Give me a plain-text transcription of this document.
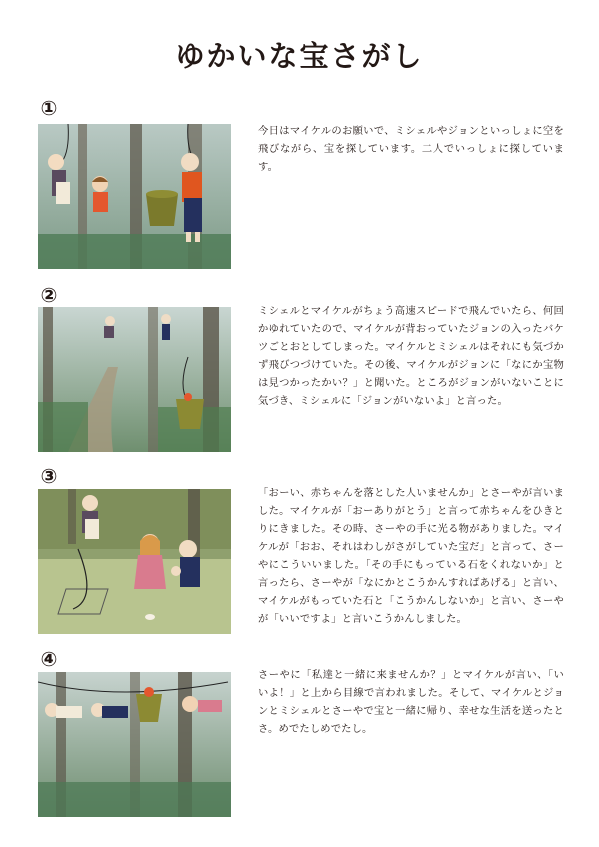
ゆかいな宝さがし
①
今日はマイケルのお願いで、ミシェルやジョンといっしょに空を飛びながら、宝を探しています。二人でいっしょに探しています。
②
ミシェルとマイケルがちょう高速スピードで飛んでいたら、何回かゆれていたので、マイケルが背おっていたジョンの入ったバケツごとおとしてしまった。マイケルとミシェルはそれにも気づかず飛びつづけていた。その後、マイケルがジョンに「なにか宝物は見つかったかい？」と聞いた。ところがジョンがいないことに気づき、ミシェルに「ジョンがいないよ」と言った。
③
「おーい、赤ちゃんを落とした人いませんか」とさーやが言いました。マイケルが「おーありがとう」と言って赤ちゃんをひきとりにきました。その時、さーやの手に光る物がありました。マイケルが「おお、それはわしがさがしていた宝だ」と言って、さーやにこういいました。「その手にもっている石をくれないか」と言ったら、さーやが「なにかとこうかんすればあげる」と言い、マイケルがもっていた石と「こうかんしないか」と言い、さーやが「いいですよ」と言いこうかんしました。
④
さーやに「私達と一緒に来ませんか？」とマイケルが言い、「いいよ！」と上から目線で言われました。そして、マイケルとジョンとミシェルとさーやで宝と一緒に帰り、幸せな生活を送ったとさ。めでたしめでたし。
